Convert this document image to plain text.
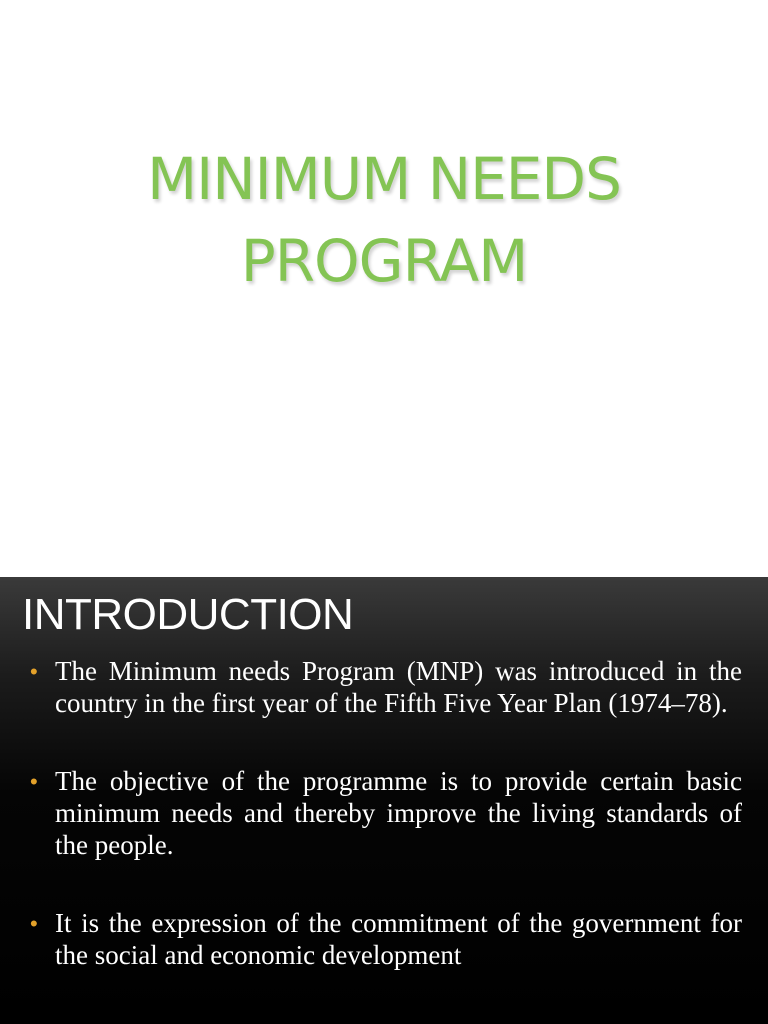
MINIMUM NEEDS
PROGRAM
INTRODUCTION
• The Minimum needs Program (MNP) was introduced in the country in the first year of the Fifth Five Year Plan (1974–78).
• The objective of the programme is to provide certain basic minimum needs and thereby improve the living standards of the people.
• It is the expression of the commitment of the government for the social and economic development
